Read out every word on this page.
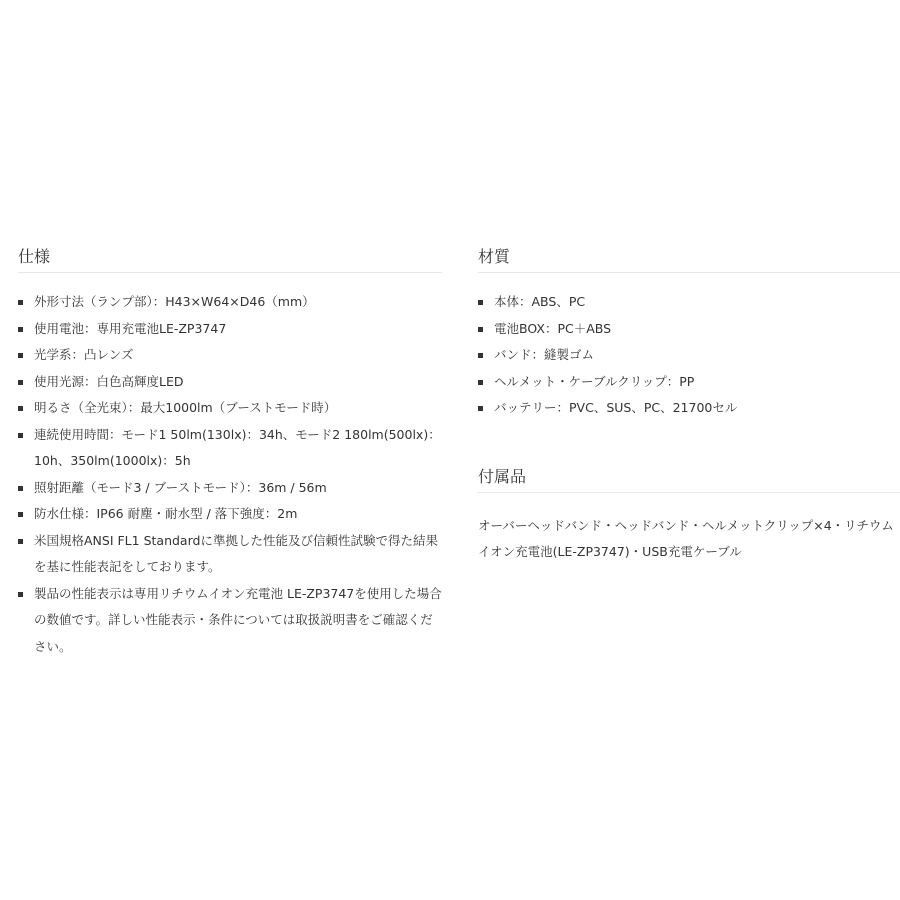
仕様
外形寸法（ランプ部）：H43×W64×D46（mm）
使用電池：専用充電池LE-ZP3747
光学系：凸レンズ
使用光源：白色高輝度LED
明るさ（全光束）：最大1000lm（ブーストモード時）
連続使用時間：モード1 50lm(130lx)：34h、モード2 180lm(500lx)：10h、350lm(1000lx)：5h
照射距離（モード3 / ブーストモード）：36m / 56m
防水仕様：IP66 耐塵・耐水型 / 落下強度：2m
米国規格ANSI FL1 Standardに準拠した性能及び信頼性試験で得た結果を基に性能表記をしております。
製品の性能表示は専用リチウムイオン充電池 LE-ZP3747を使用した場合の数値です。詳しい性能表示・条件については取扱説明書をご確認ください。
材質
本体：ABS、PC
電池BOX：PC＋ABS
バンド：縫製ゴム
ヘルメット・ケーブルクリップ：PP
バッテリー：PVC、SUS、PC、21700セル
付属品

オーバーヘッドバンド・ヘッドバンド・ヘルメットクリップ×4・リチウムイオン充電池(LE-ZP3747)・USB充電ケーブル
